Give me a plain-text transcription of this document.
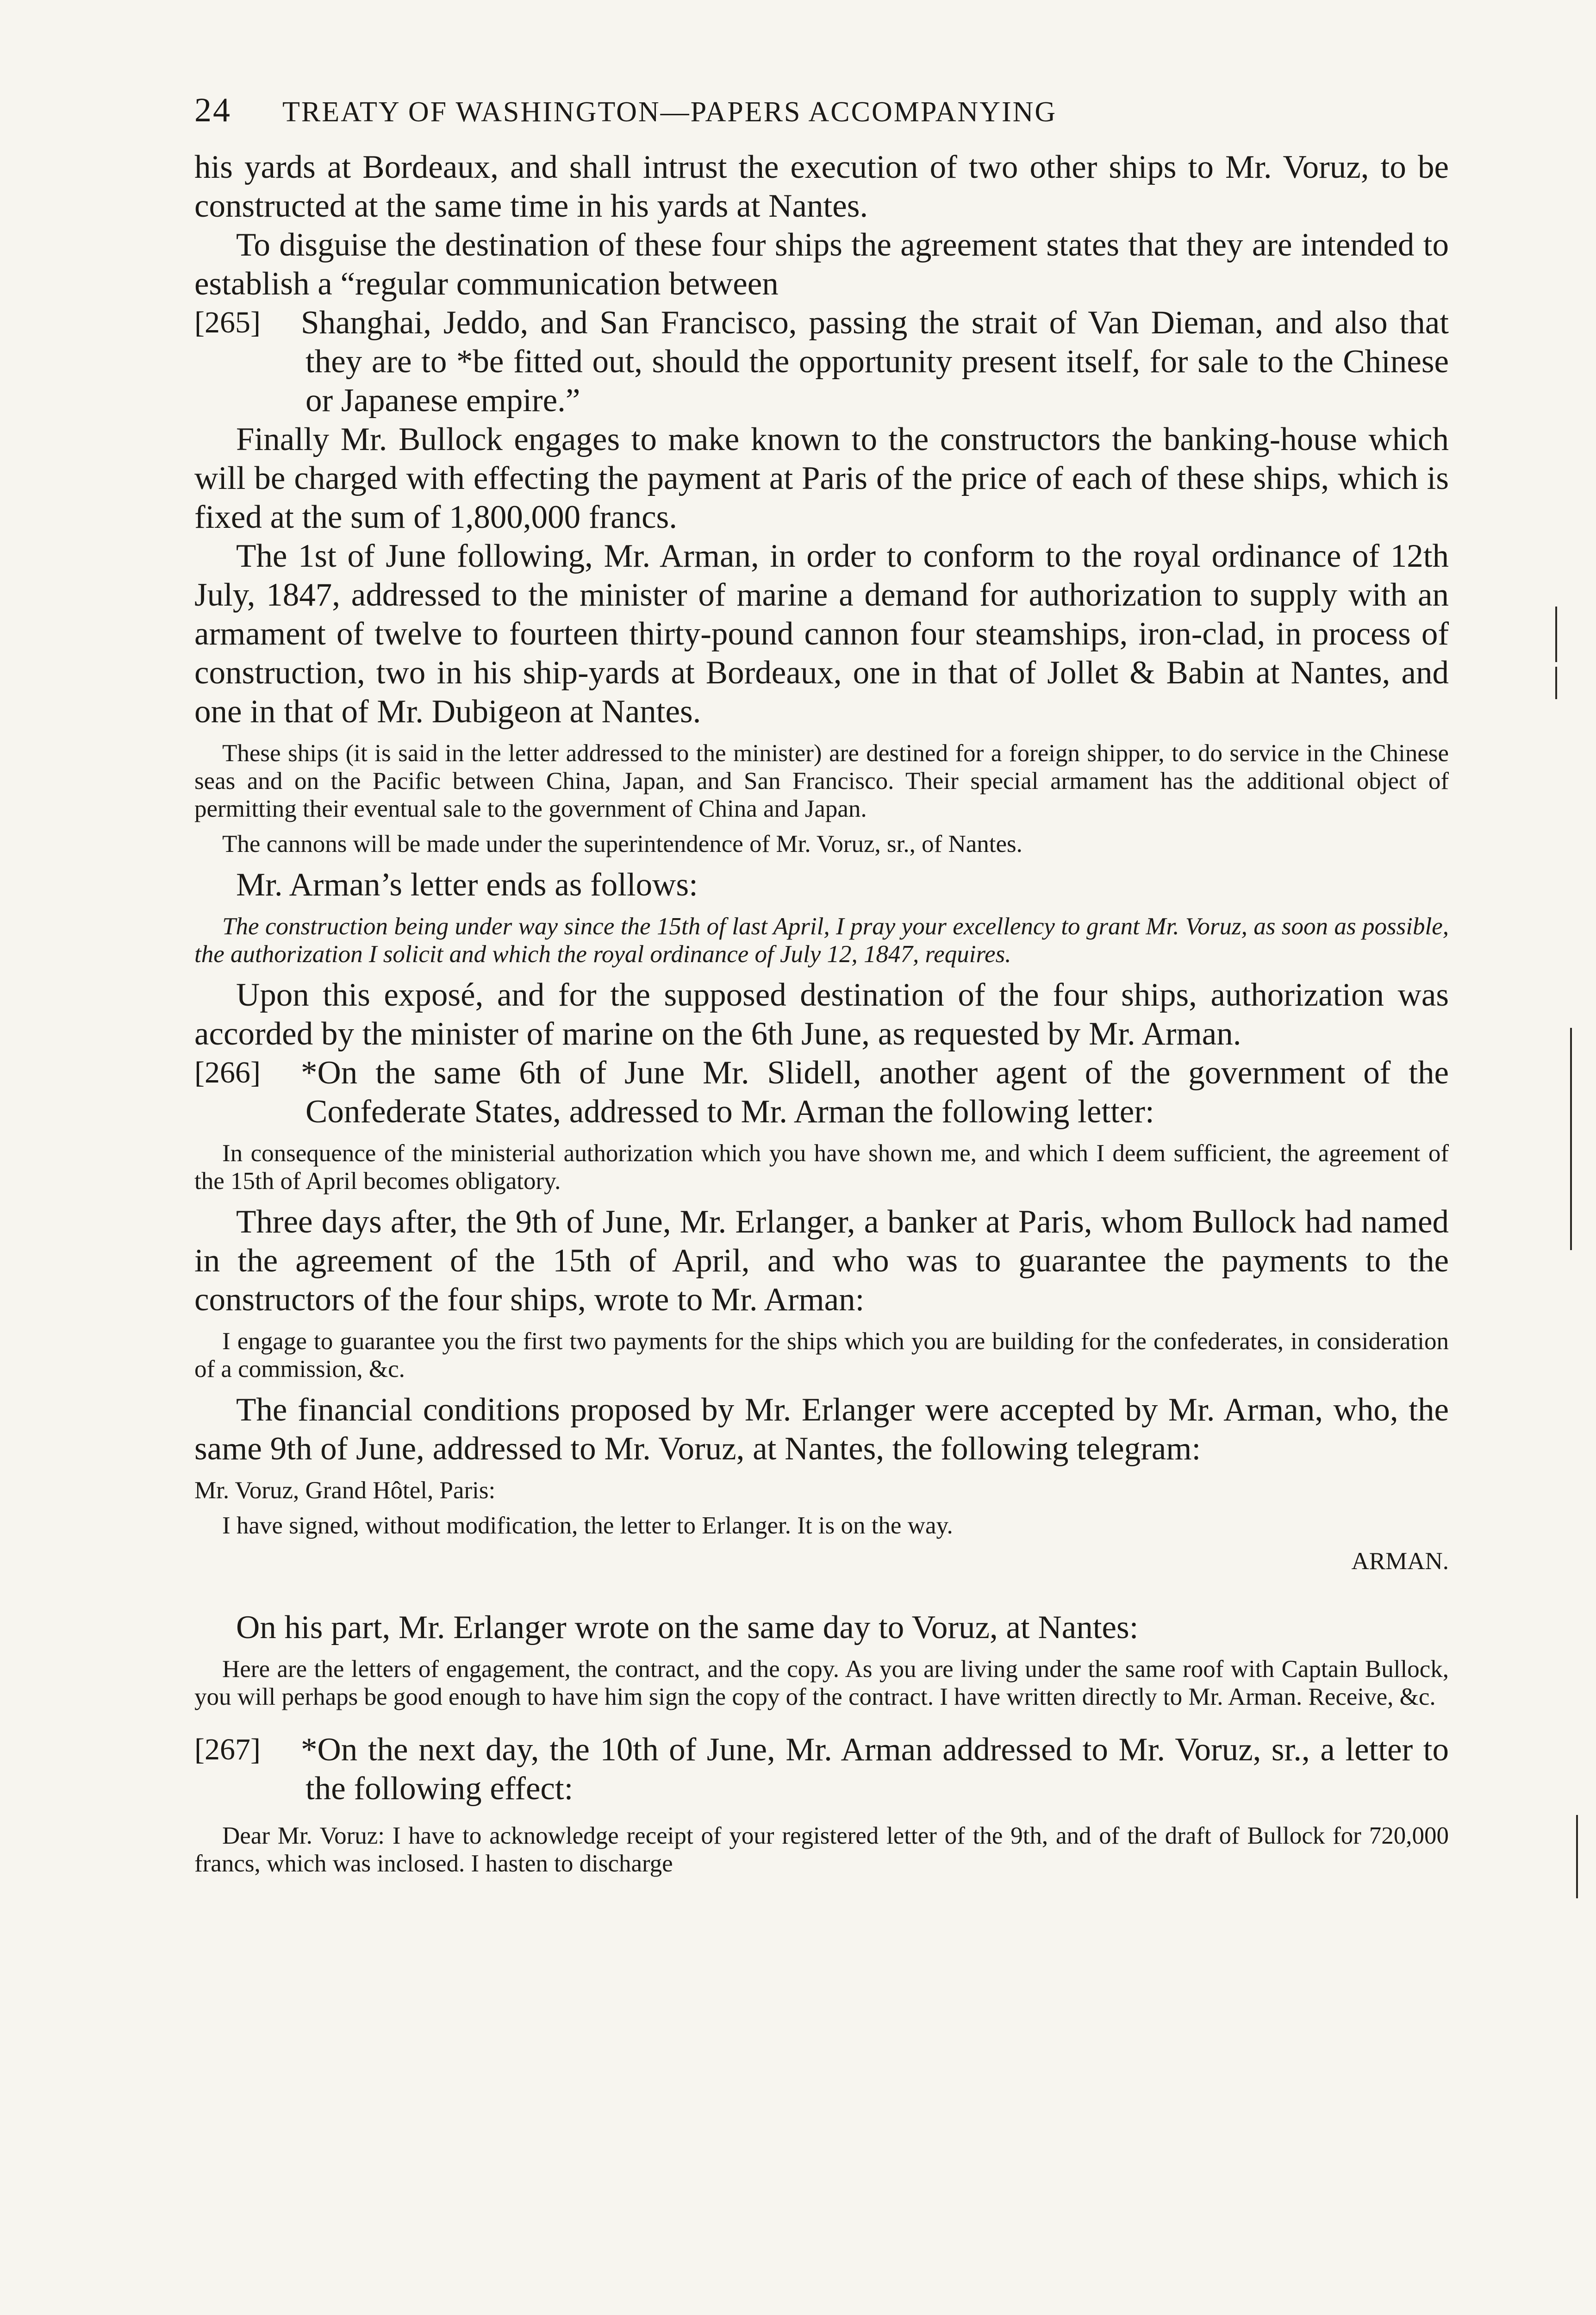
24	TREATY OF WASHINGTON—PAPERS ACCOMPANYING

his yards at Bordeaux, and shall intrust the execution of two other ships to Mr. Voruz, to be constructed at the same time in his yards at Nantes.

To disguise the destination of these four ships the agreement states that they are intended to establish a “regular communication between

[265] Shanghai, Jeddo, and San Francisco, passing the strait of Van Dieman, and also that they are to *be fitted out, should the opportunity present itself, for sale to the Chinese or Japanese empire.”

Finally Mr. Bullock engages to make known to the constructors the banking-house which will be charged with effecting the payment at Paris of the price of each of these ships, which is fixed at the sum of 1,800,000 francs.

The 1st of June following, Mr. Arman, in order to conform to the royal ordinance of 12th July, 1847, addressed to the minister of marine a demand for authorization to supply with an armament of twelve to fourteen thirty-pound cannon four steamships, iron-clad, in process of construction, two in his ship-yards at Bordeaux, one in that of Jollet & Babin at Nantes, and one in that of Mr. Dubigeon at Nantes.

These ships (it is said in the letter addressed to the minister) are destined for a foreign shipper, to do service in the Chinese seas and on the Pacific between China, Japan, and San Francisco. Their special armament has the additional object of permitting their eventual sale to the government of China and Japan.

The cannons will be made under the superintendence of Mr. Voruz, sr., of Nantes.

Mr. Arman’s letter ends as follows:

The construction being under way since the 15th of last April, I pray your excellency to grant Mr. Voruz, as soon as possible, the authorization I solicit and which the royal ordinance of July 12, 1847, requires.

Upon this exposé, and for the supposed destination of the four ships, authorization was accorded by the minister of marine on the 6th June, as requested by Mr. Arman.

[266] *On the same 6th of June Mr. Slidell, another agent of the government of the Confederate States, addressed to Mr. Arman the following letter:

In consequence of the ministerial authorization which you have shown me, and which I deem sufficient, the agreement of the 15th of April becomes obligatory.

Three days after, the 9th of June, Mr. Erlanger, a banker at Paris, whom Bullock had named in the agreement of the 15th of April, and who was to guarantee the payments to the constructors of the four ships, wrote to Mr. Arman:

I engage to guarantee you the first two payments for the ships which you are building for the confederates, in consideration of a commission, &c.

The financial conditions proposed by Mr. Erlanger were accepted by Mr. Arman, who, the same 9th of June, addressed to Mr. Voruz, at Nantes, the following telegram:

Mr. Voruz, Grand Hôtel, Paris:

I have signed, without modification, the letter to Erlanger. It is on the way.

ARMAN.

On his part, Mr. Erlanger wrote on the same day to Voruz, at Nantes:

Here are the letters of engagement, the contract, and the copy. As you are living under the same roof with Captain Bullock, you will perhaps be good enough to have him sign the copy of the contract. I have written directly to Mr. Arman. Receive, &c.

[267] *On the next day, the 10th of June, Mr. Arman addressed to Mr. Voruz, sr., a letter to the following effect:

Dear Mr. Voruz: I have to acknowledge receipt of your registered letter of the 9th, and of the draft of Bullock for 720,000 francs, which was inclosed. I hasten to discharge
